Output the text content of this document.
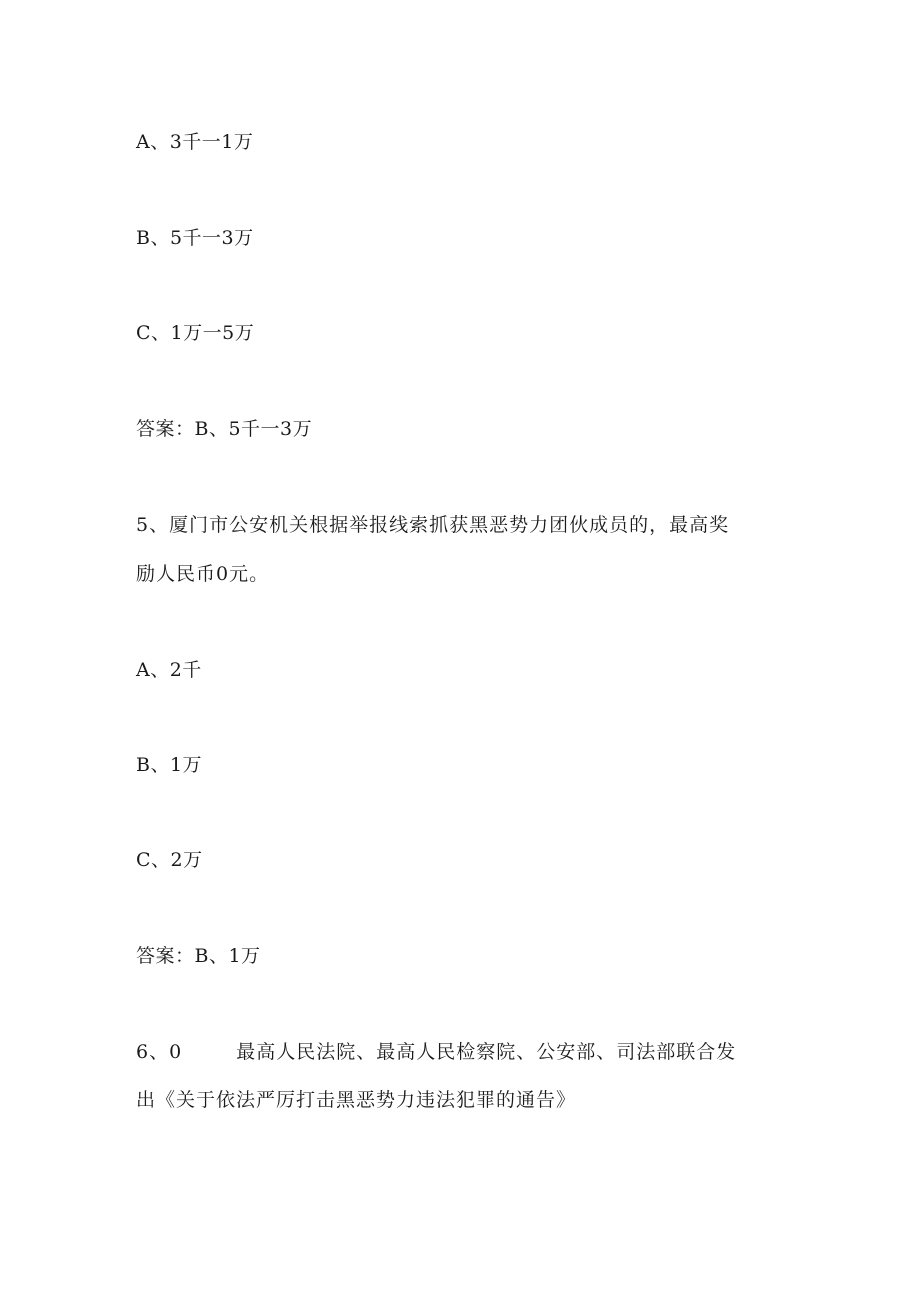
A、3千一1万
B、5千一3万
C、1万一5万
答案：B、5千一3万
5、厦门市公安机关根据举报线索抓获黑恶势力团伙成员的，最高奖
励人民币0元。
A、2千
B、1万
C、2万
答案：B、1万
6、0	最高人民法院、最高人民检察院、公安部、司法部联合发
出《关于依法严厉打击黑恶势力违法犯罪的通告》
